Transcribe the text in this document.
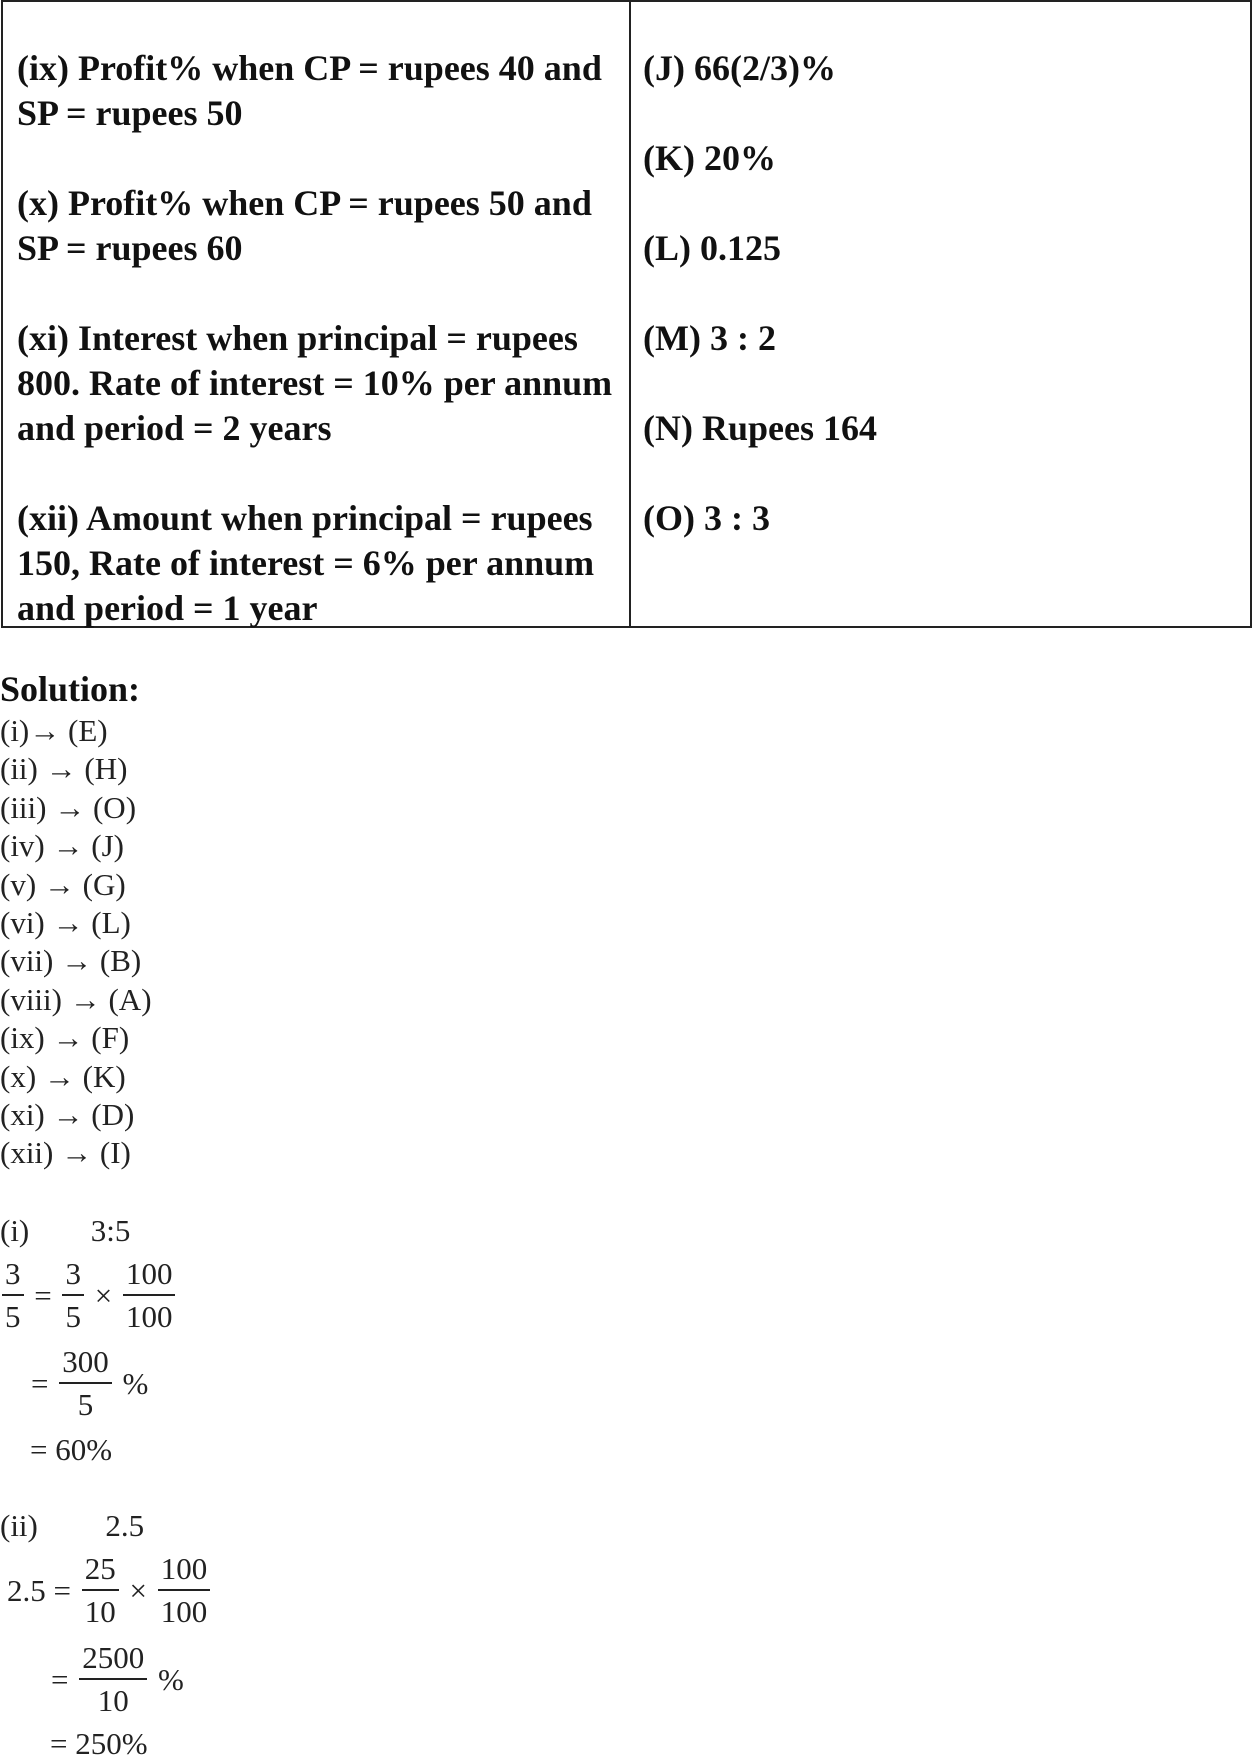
(ix) Profit% when CP = rupees 40 and SP = rupees 50
(x) Profit% when CP = rupees 50 and SP = rupees 60
(xi) Interest when principal = rupees 800. Rate of interest = 10% per annum and period = 2 years
(xii) Amount when principal = rupees 150, Rate of interest = 6% per annum and period = 1 year
(J) 66(2/3)%
(K) 20%
(L) 0.125
(M) 3 : 2
(N) Rupees 164
(O) 3 : 3
Solution:
(i)→ (E)
(ii) → (H)
(iii) → (O)
(iv) → (J)
(v) → (G)
(vi) → (L)
(vii) → (B)
(viii) → (A)
(ix) → (F)
(x) → (K)
(xi) → (D)
(xii) → (I)
(i) 3:5
$\frac{3}{5} = \frac{3}{5} \times \frac{100}{100}$
= $\frac{300}{5}$ %
= 60%
(ii) 2.5
$2.5 = \frac{25}{10} \times \frac{100}{100}$
= $\frac{2500}{10}$ %
= 250%
